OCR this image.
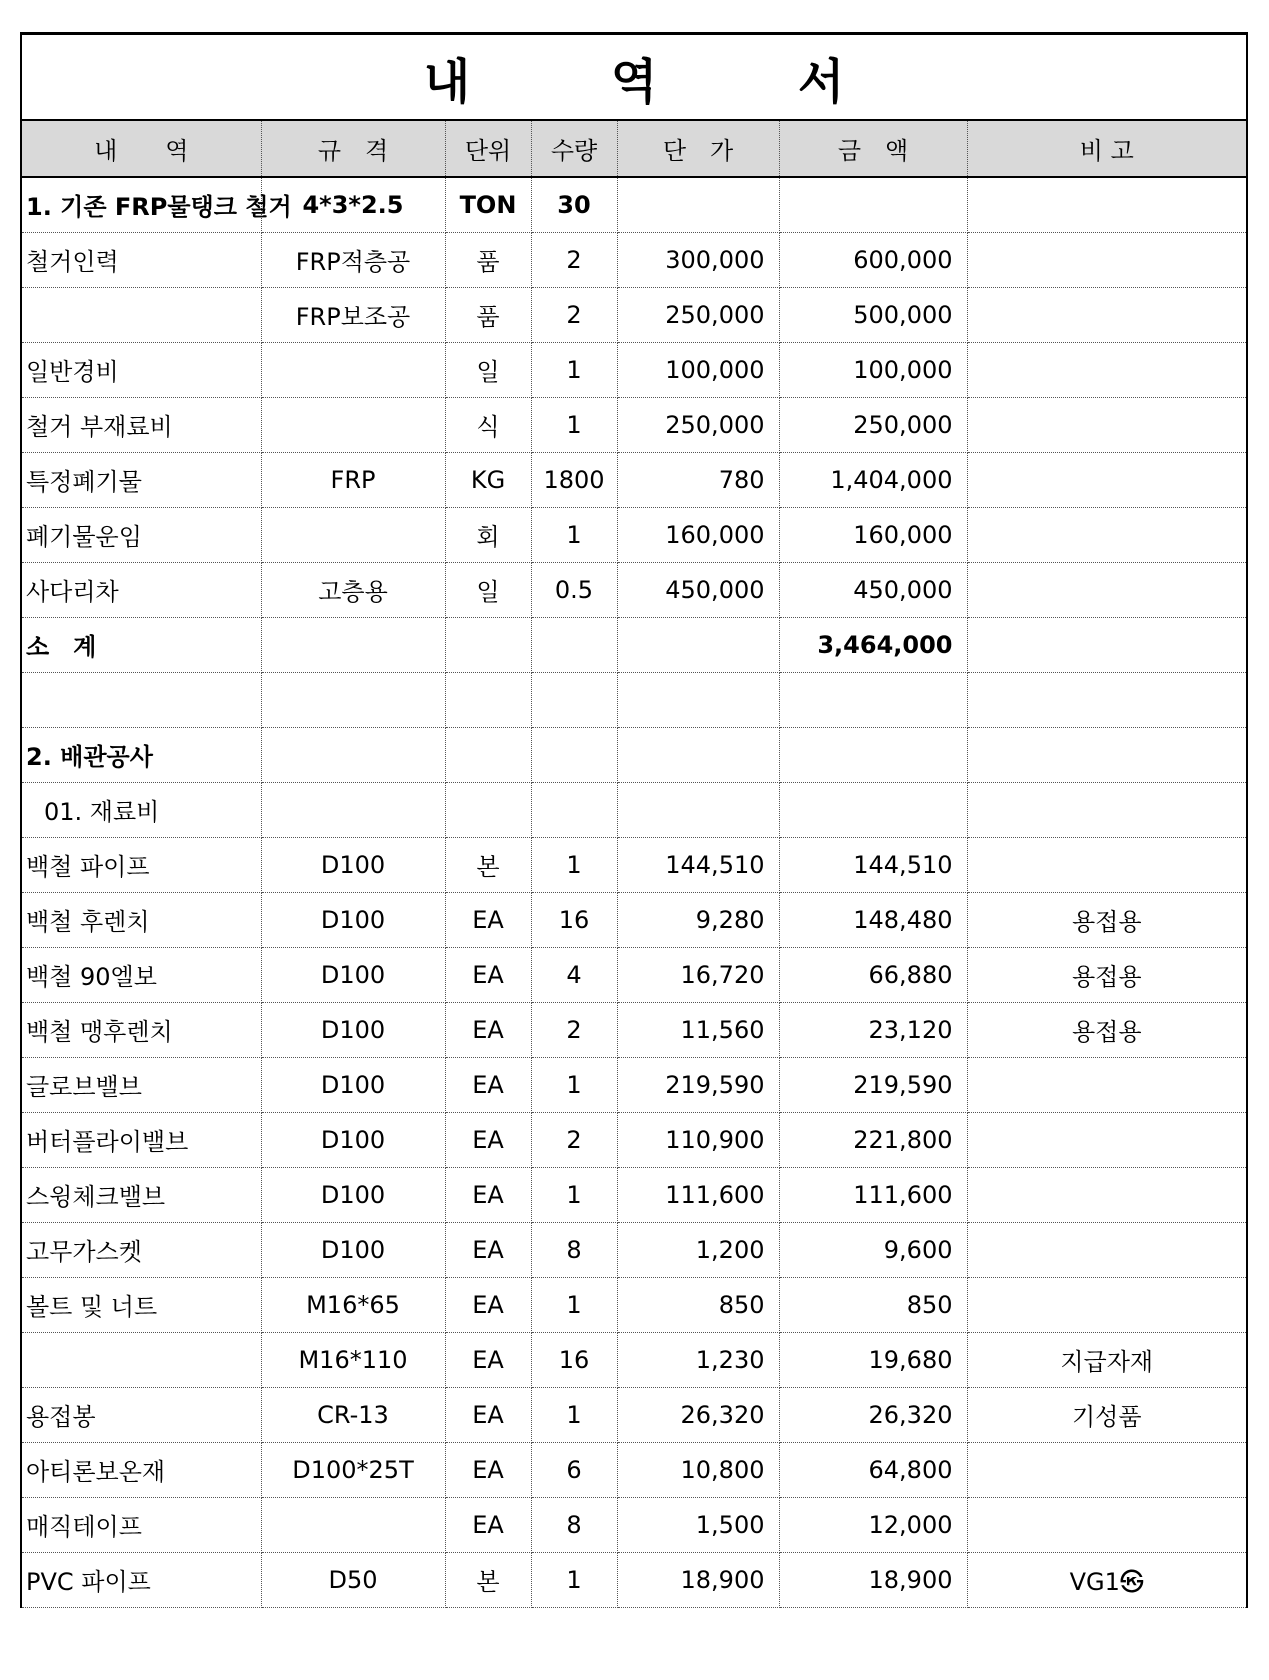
내 역 서
내　　역	규　격	단위	수량	단　가	금　액	비 고
1. 기존 FRP물탱크 철거	4*3*2.5	TON	30			
철거인력	FRP적층공	품	2	300,000	600,000	
	FRP보조공	품	2	250,000	500,000	
일반경비		일	1	100,000	100,000	
철거 부재료비		식	1	250,000	250,000	
특정폐기물	FRP	KG	1800	780	1,404,000	
폐기물운임		회	1	160,000	160,000	
사다리차	고층용	일	0.5	450,000	450,000	
소　계					3,464,000	

2. 배관공사						
01. 재료비						
백철 파이프	D100	본	1	144,510	144,510	
백철 후렌치	D100	EA	16	9,280	148,480	용접용
백철 90엘보	D100	EA	4	16,720	66,880	용접용
백철 맹후렌치	D100	EA	2	11,560	23,120	용접용
글로브밸브	D100	EA	1	219,590	219,590	
버터플라이밸브	D100	EA	2	110,900	221,800	
스윙체크밸브	D100	EA	1	111,600	111,600	
고무가스켓	D100	EA	8	1,200	9,600	
볼트 및 너트	M16*65	EA	1	850	850	
	M16*110	EA	16	1,230	19,680	지급자재
용접봉	CR-13	EA	1	26,320	26,320	기성품
아티론보온재	D100*25T	EA	6	10,800	64,800	
매직테이프		EA	8	1,500	12,000	
PVC 파이프	D50	본	1	18,900	18,900	VG1㉿
